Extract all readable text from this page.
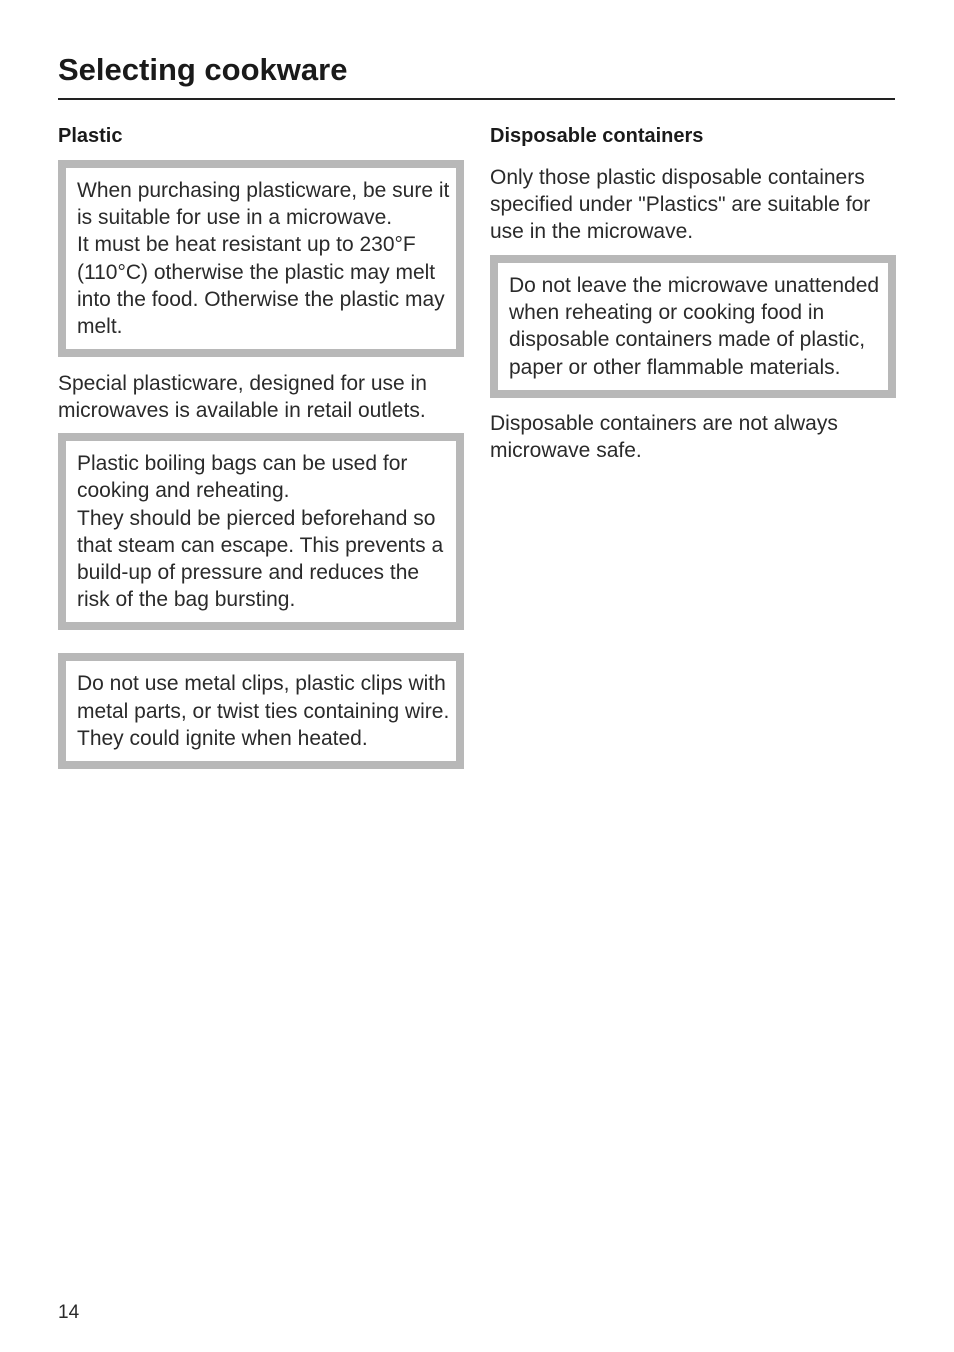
Selecting cookware
Plastic

When purchasing plasticware, be sure it is suitable for use in a microwave.

It must be heat resistant up to 230°F (110°C) otherwise the plastic may melt into the food. Otherwise the plastic may melt.

Special plasticware, designed for use in microwaves is available in retail outlets.

Plastic boiling bags can be used for cooking and reheating.

They should be pierced beforehand so that steam can escape. This prevents a build-up of pressure and reduces the risk of the bag bursting.

Do not use metal clips, plastic clips with metal parts, or twist ties containing wire. They could ignite when heated.

Disposable containers

Only those plastic disposable containers specified under "Plastics" are suitable for use in the microwave.

Do not leave the microwave unattended when reheating or cooking food in disposable containers made of plastic, paper or other flammable materials.

Disposable containers are not always microwave safe.

14
